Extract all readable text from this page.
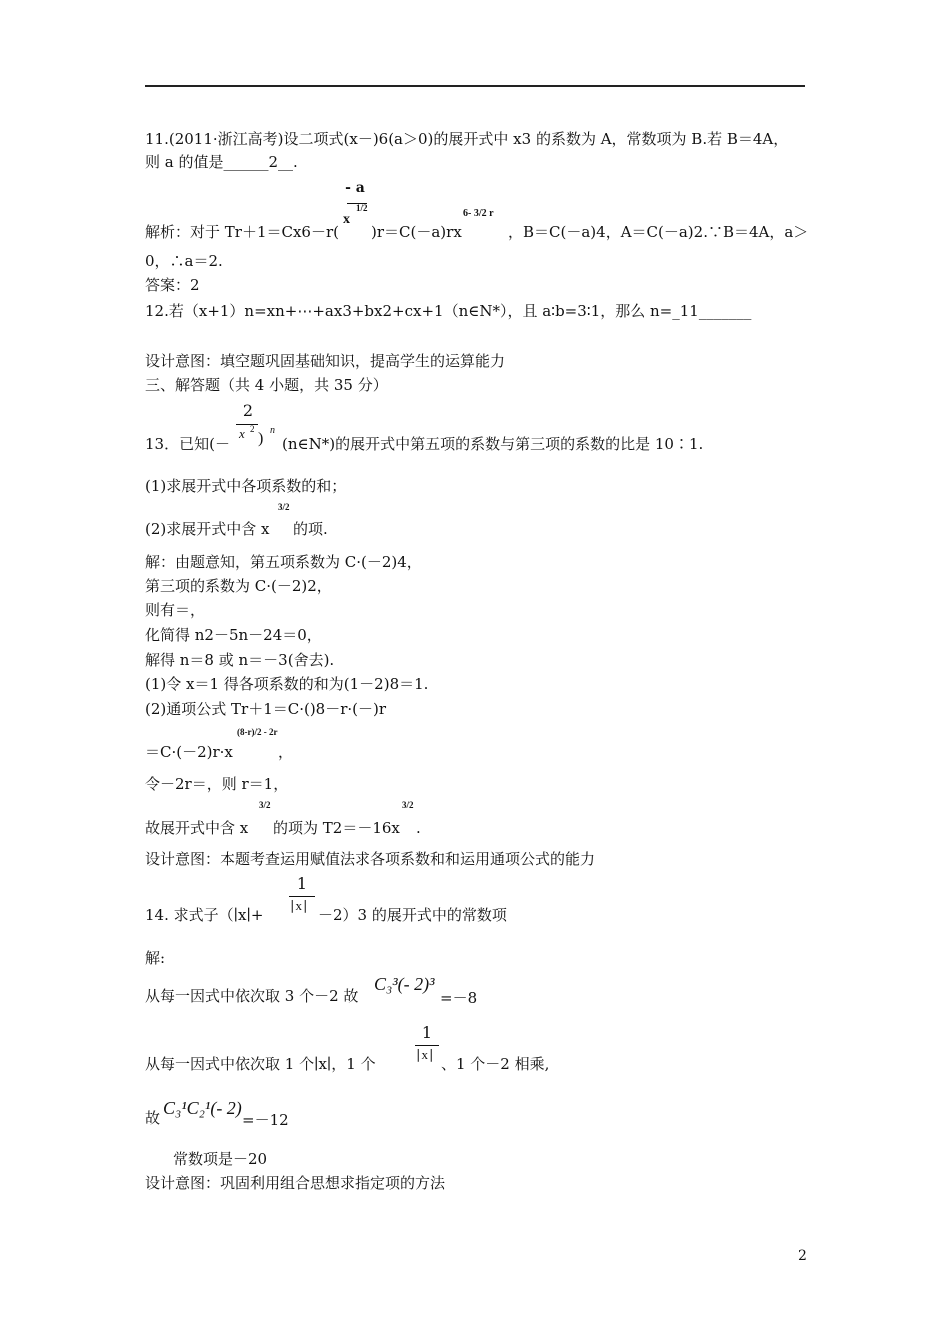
11.(2011·浙江高考)设二项式(x－)6(a＞0)的展开式中 x3 的系数为 A，常数项为 B.若 B＝4A，
则 a 的值是______2__.
- a
x
1/2
解析：对于 Tr＋1＝Cx6－r( )r＝C(－a)rx
6- 3/2 r
，B＝C(－a)4，A＝C(－a)2.∵B＝4A，a＞
0，∴a＝2.
答案：2
12.若（x+1）n=xn+⋯+ax3+bx2+cx+1（n∈N*），且 a∶b=3∶1，那么 n=_11_______
设计意图：填空题巩固基础知识，提高学生的运算能力
三、解答题（共 4 小题，共 35 分）
2
x 2
13．已知(－ ) n
(n∈N*)的展开式中第五项的系数与第三项的系数的比是 10∶1.
(1)求展开式中各项系数的和；
(2)求展开式中含 x
3/2
的项.
解：由题意知，第五项系数为 C·(－2)4，
第三项的系数为 C·(－2)2，
则有＝，
化简得 n2－5n－24＝0，
解得 n＝8 或 n＝－3(舍去).
(1)令 x＝1 得各项系数的和为(1－2)8＝1.
(2)通项公式 Tr＋1＝C·()8－r·(－)r
＝C·(－2)r·x
(8-r)/2 - 2r
，
令－2r＝，则 r＝1，
故展开式中含 x
3/2
的项为 T2＝－16x
3/2
.
设计意图：本题考查运用赋值法求各项系数和和运用通项公式的能力
1
∣x∣
14. 求式子（∣x∣+	－2）3 的展开式中的常数项
解:
从每一因式中依次取 3 个－2 故
C₃³(- 2)³
=－8
1
∣x∣
从每一因式中依次取 1 个∣x∣，1 个	、1 个－2 相乘,
故 C₃¹C₂¹(- 2)
=－12
常数项是－20
设计意图：巩固利用组合思想求指定项的方法
2
